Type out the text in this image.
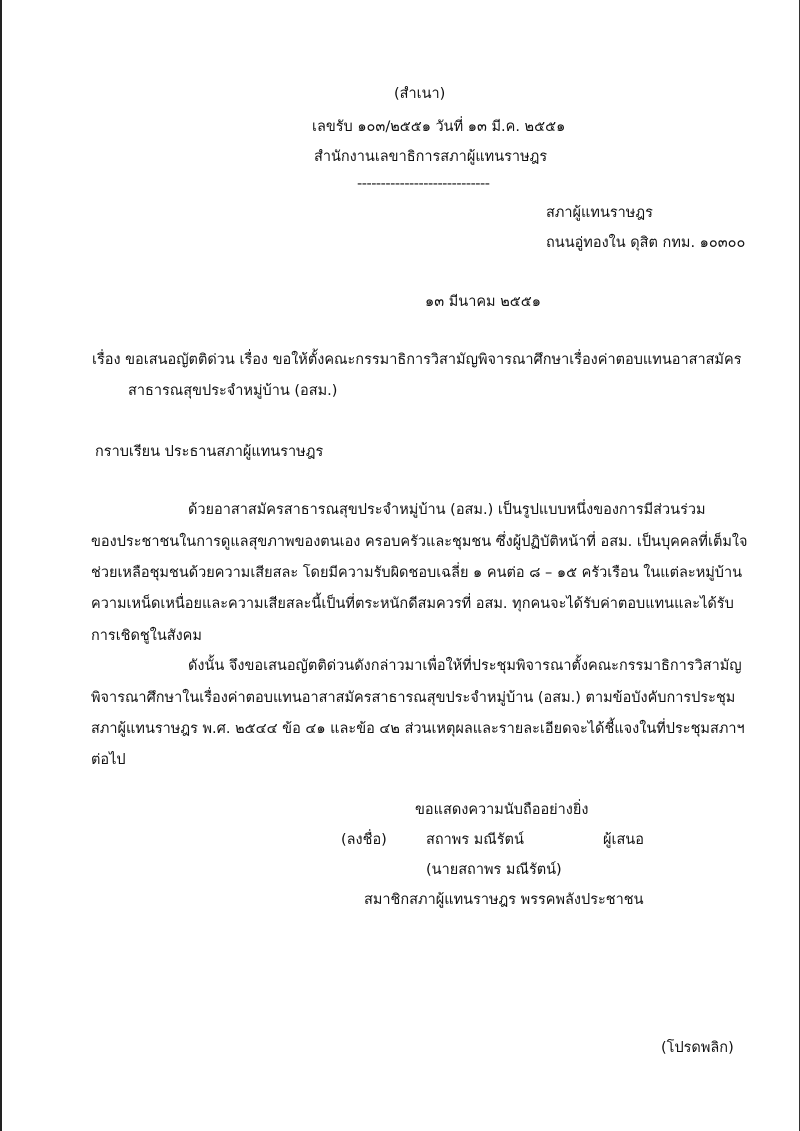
(สำเนา)
เลขรับ ๑๐๓/๒๕๕๑ วันที่ ๑๓ มี.ค. ๒๕๕๑
สำนักงานเลขาธิการสภาผู้แทนราษฎร
----------------------------
สภาผู้แทนราษฎร
ถนนอู่ทองใน ดุสิต กทม. ๑๐๓๐๐
๑๓ มีนาคม ๒๕๕๑
เรื่อง ขอเสนอญัตติด่วน เรื่อง ขอให้ตั้งคณะกรรมาธิการวิสามัญพิจารณาศึกษาเรื่องค่าตอบแทนอาสาสมัคร
สาธารณสุขประจำหมู่บ้าน (อสม.)
กราบเรียน ประธานสภาผู้แทนราษฎร
ด้วยอาสาสมัครสาธารณสุขประจำหมู่บ้าน (อสม.) เป็นรูปแบบหนึ่งของการมีส่วนร่วม
ของประชาชนในการดูแลสุขภาพของตนเอง ครอบครัวและชุมชน ซึ่งผู้ปฏิบัติหน้าที่ อสม. เป็นบุคคลที่เต็มใจ
ช่วยเหลือชุมชนด้วยความเสียสละ โดยมีความรับผิดชอบเฉลี่ย ๑ คนต่อ ๘ – ๑๕ ครัวเรือน ในแต่ละหมู่บ้าน
ความเหน็ดเหนื่อยและความเสียสละนี้เป็นที่ตระหนักดีสมควรที่ อสม. ทุกคนจะได้รับค่าตอบแทนและได้รับ
การเชิดชูในสังคม
ดังนั้น จึงขอเสนอญัตติด่วนดังกล่าวมาเพื่อให้ที่ประชุมพิจารณาตั้งคณะกรรมาธิการวิสามัญ
พิจารณาศึกษาในเรื่องค่าตอบแทนอาสาสมัครสาธารณสุขประจำหมู่บ้าน (อสม.) ตามข้อบังคับการประชุม
สภาผู้แทนราษฎร พ.ศ. ๒๕๔๔ ข้อ ๔๑ และข้อ ๔๒ ส่วนเหตุผลและรายละเอียดจะได้ชี้แจงในที่ประชุมสภาฯ
ต่อไป
ขอแสดงความนับถืออย่างยิ่ง
(ลงชื่อ)	สถาพร มณีรัตน์	ผู้เสนอ
(นายสถาพร มณีรัตน์)
สมาชิกสภาผู้แทนราษฎร พรรคพลังประชาชน
(โปรดพลิก)
